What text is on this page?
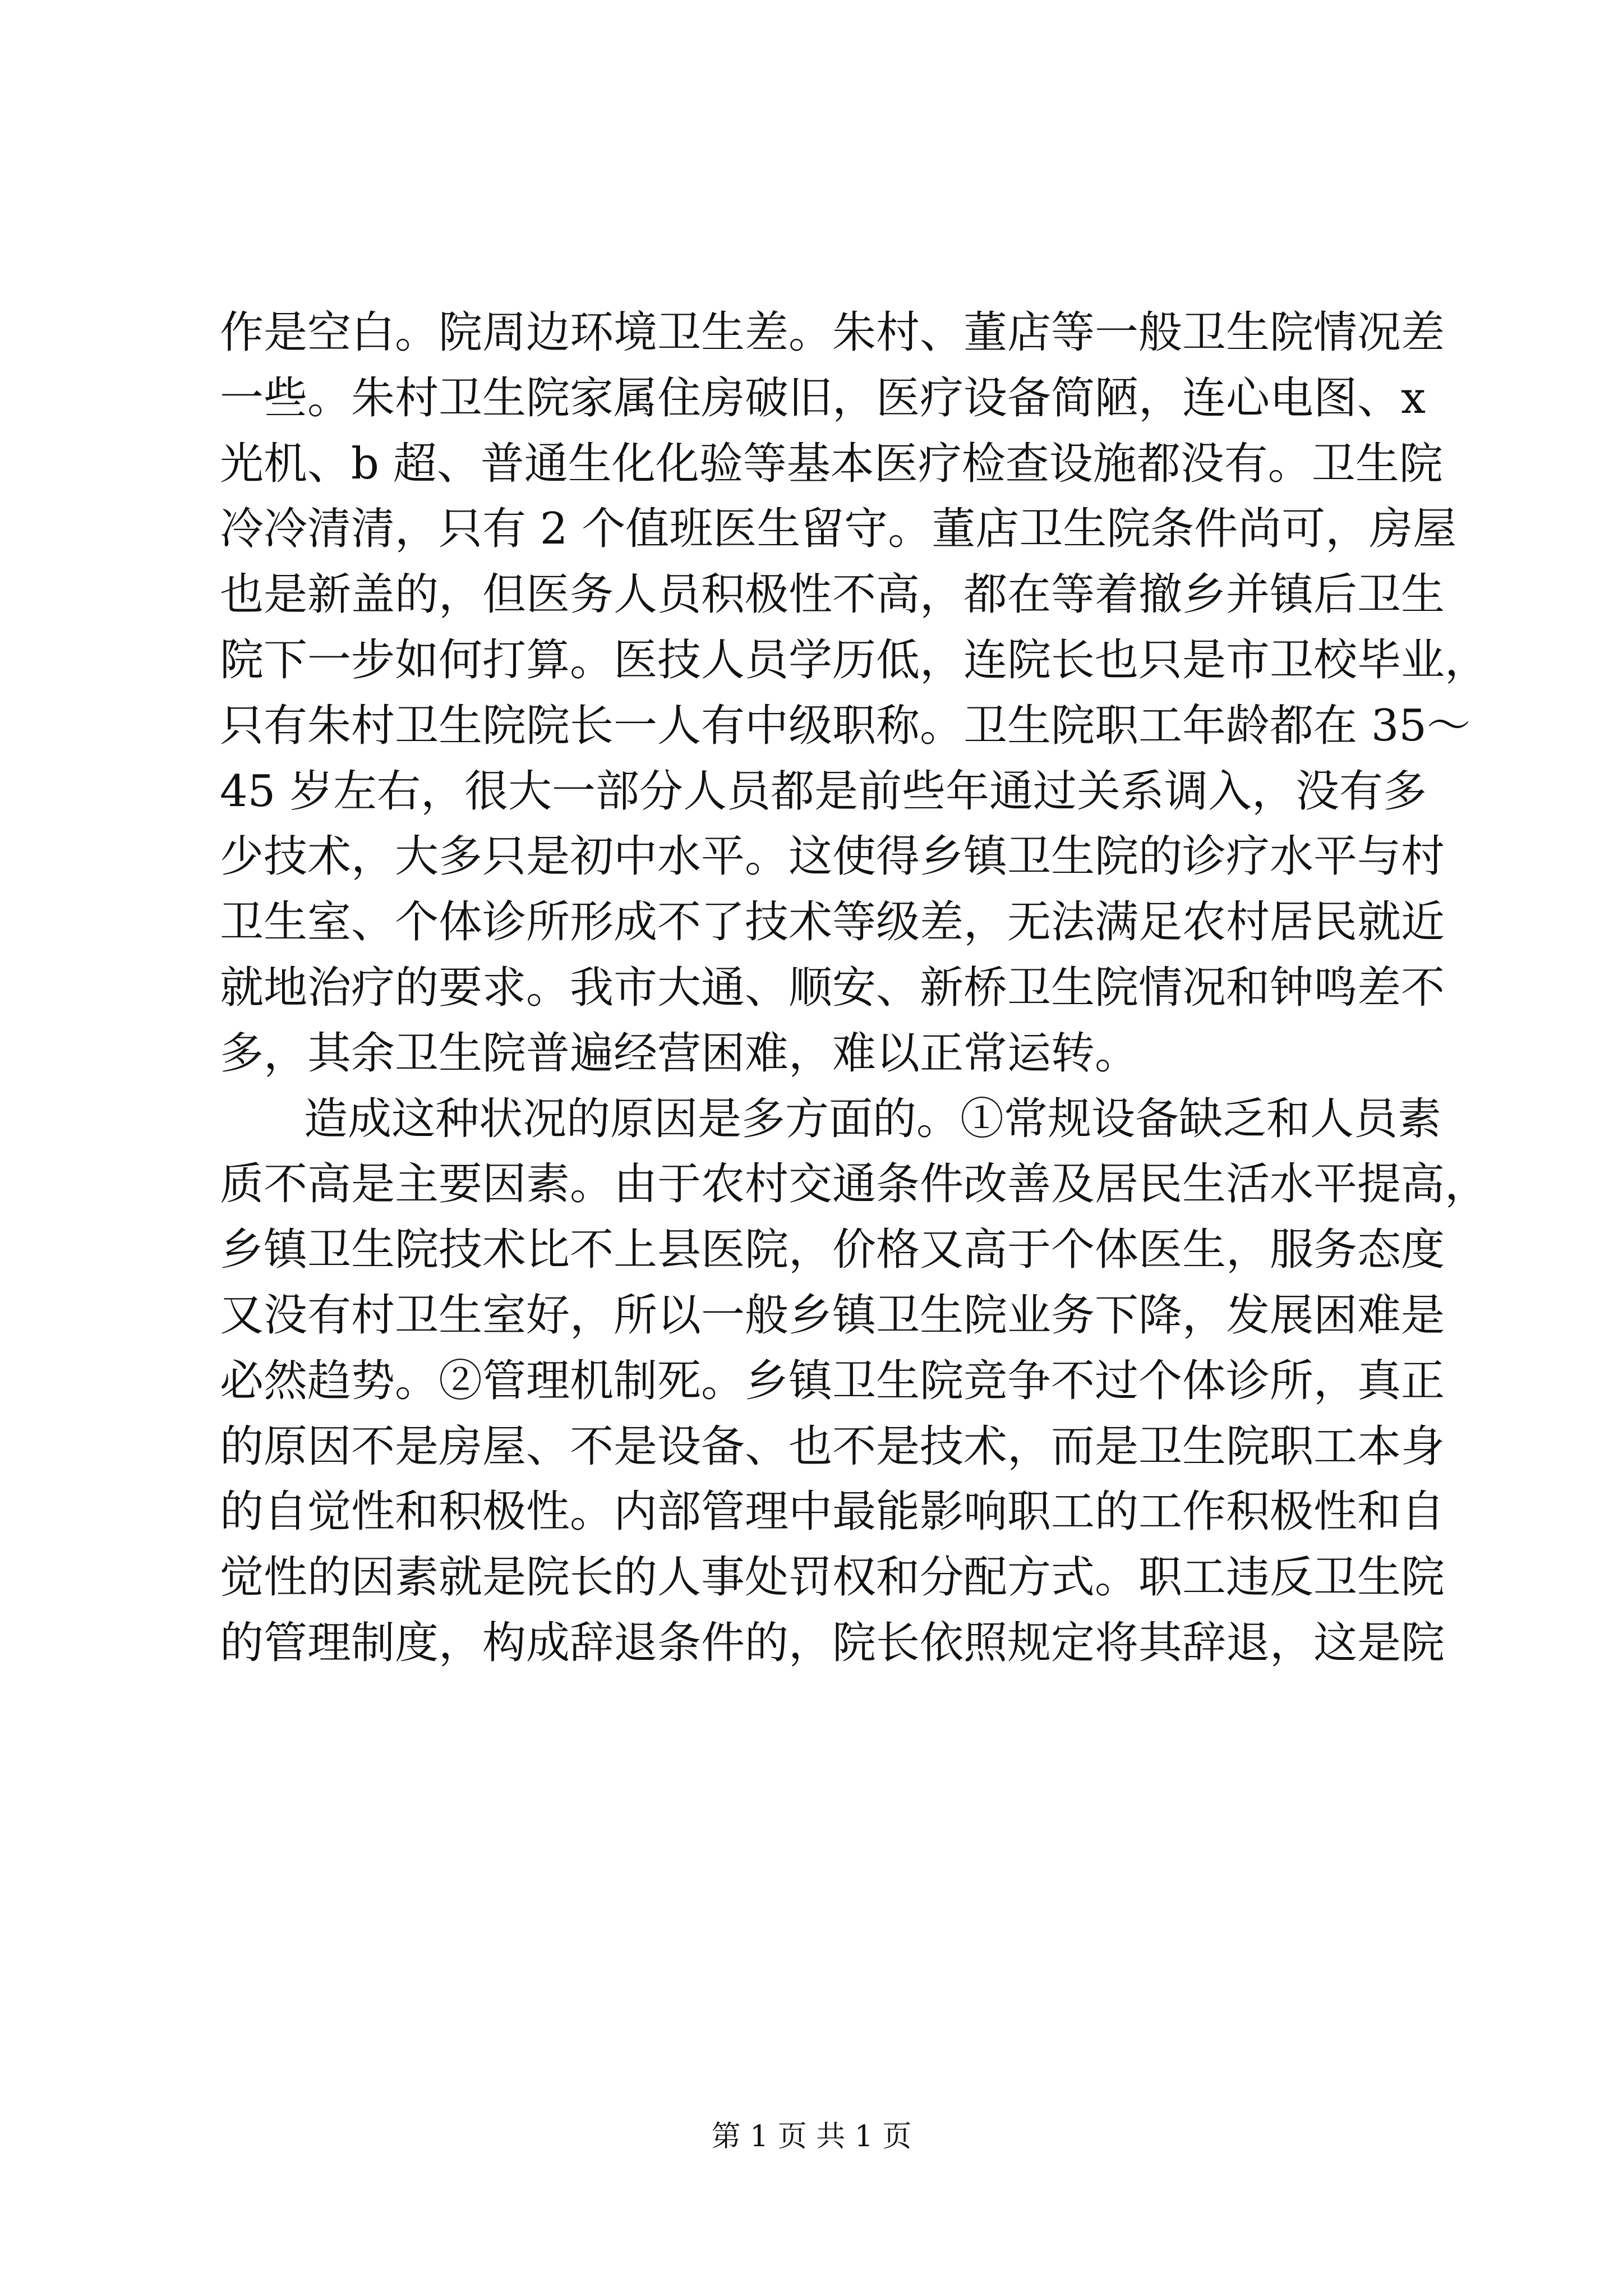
作是空白。院周边环境卫生差。朱村、董店等一般卫生院情况差
一些。朱村卫生院家属住房破旧，医疗设备简陋，连心电图、x
光机、b 超、普通生化化验等基本医疗检查设施都没有。卫生院
冷冷清清，只有 2 个值班医生留守。董店卫生院条件尚可，房屋
也是新盖的，但医务人员积极性不高，都在等着撤乡并镇后卫生
院下一步如何打算。医技人员学历低，连院长也只是市卫校毕业，
只有朱村卫生院院长一人有中级职称。卫生院职工年龄都在 35～
45 岁左右，很大一部分人员都是前些年通过关系调入，没有多
少技术，大多只是初中水平。这使得乡镇卫生院的诊疗水平与村
卫生室、个体诊所形成不了技术等级差，无法满足农村居民就近
就地治疗的要求。我市大通、顺安、新桥卫生院情况和钟鸣差不
多，其余卫生院普遍经营困难，难以正常运转。
造成这种状况的原因是多方面的。①常规设备缺乏和人员素
质不高是主要因素。由于农村交通条件改善及居民生活水平提高，
乡镇卫生院技术比不上县医院，价格又高于个体医生，服务态度
又没有村卫生室好，所以一般乡镇卫生院业务下降，发展困难是
必然趋势。②管理机制死。乡镇卫生院竞争不过个体诊所，真正
的原因不是房屋、不是设备、也不是技术，而是卫生院职工本身
的自觉性和积极性。内部管理中最能影响职工的工作积极性和自
觉性的因素就是院长的人事处罚权和分配方式。职工违反卫生院
的管理制度，构成辞退条件的，院长依照规定将其辞退，这是院
第 1 页 共 1 页
